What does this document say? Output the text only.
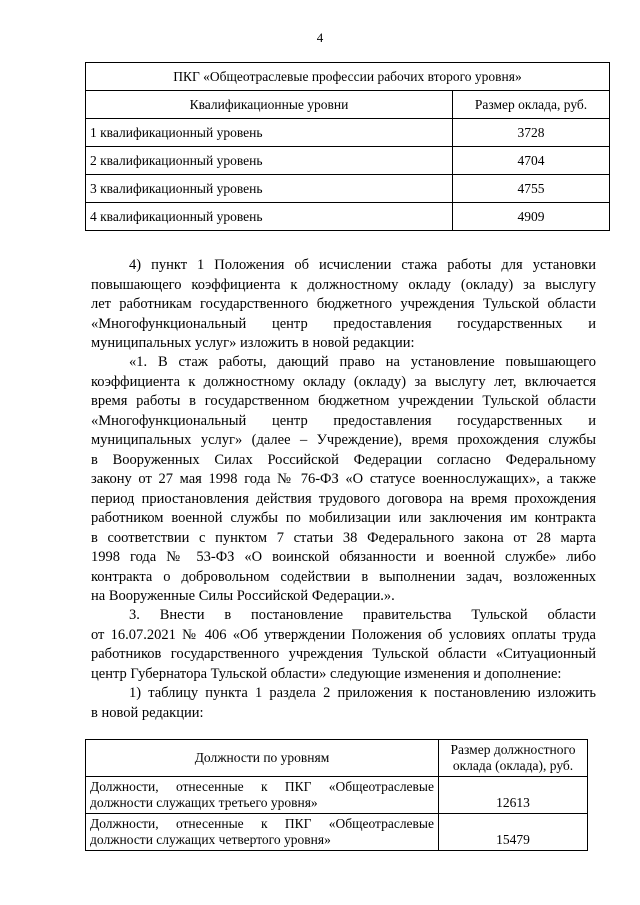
4
ПКГ «Общеотраслевые профессии рабочих второго уровня»	
Квалификационные уровни	Размер оклада, руб.
1 квалификационный уровень	3728
2 квалификационный уровень	4704
3 квалификационный уровень	4755
4 квалификационный уровень	4909
4) пункт 1 Положения об исчислении стажа работы для установки
повышающего коэффициента к должностному окладу (окладу) за выслугу
лет работникам государственного бюджетного учреждения Тульской области
«Многофункциональный центр предоставления государственных и
муниципальных услуг» изложить в новой редакции:
«1. В стаж работы, дающий право на установление повышающего
коэффициента к должностному окладу (окладу) за выслугу лет, включается
время работы в государственном бюджетном учреждении Тульской области
«Многофункциональный центр предоставления государственных и
муниципальных услуг» (далее – Учреждение), время прохождения службы
в Вооруженных Силах Российской Федерации согласно Федеральному
закону от 27 мая 1998 года № 76-ФЗ «О статусе военнослужащих», а также
период приостановления действия трудового договора на время прохождения
работником военной службы по мобилизации или заключения им контракта
в соответствии с пунктом 7 статьи 38 Федерального закона от 28 марта
1998 года № 53-ФЗ «О воинской обязанности и военной службе» либо
контракта о добровольном содействии в выполнении задач, возложенных
на Вооруженные Силы Российской Федерации.».
3. Внести в постановление правительства Тульской области
от 16.07.2021 № 406 «Об утверждении Положения об условиях оплаты труда
работников государственного учреждения Тульской области «Ситуационный
центр Губернатора Тульской области» следующие изменения и дополнение:
1) таблицу пункта 1 раздела 2 приложения к постановлению изложить
в новой редакции:
Должности по уровням	Размер должностного оклада (оклада), руб.
Должности, отнесенные к ПКГ «Общеотраслевые должности служащих третьего уровня»	12613
Должности, отнесенные к ПКГ «Общеотраслевые должности служащих четвертого уровня»	15479
